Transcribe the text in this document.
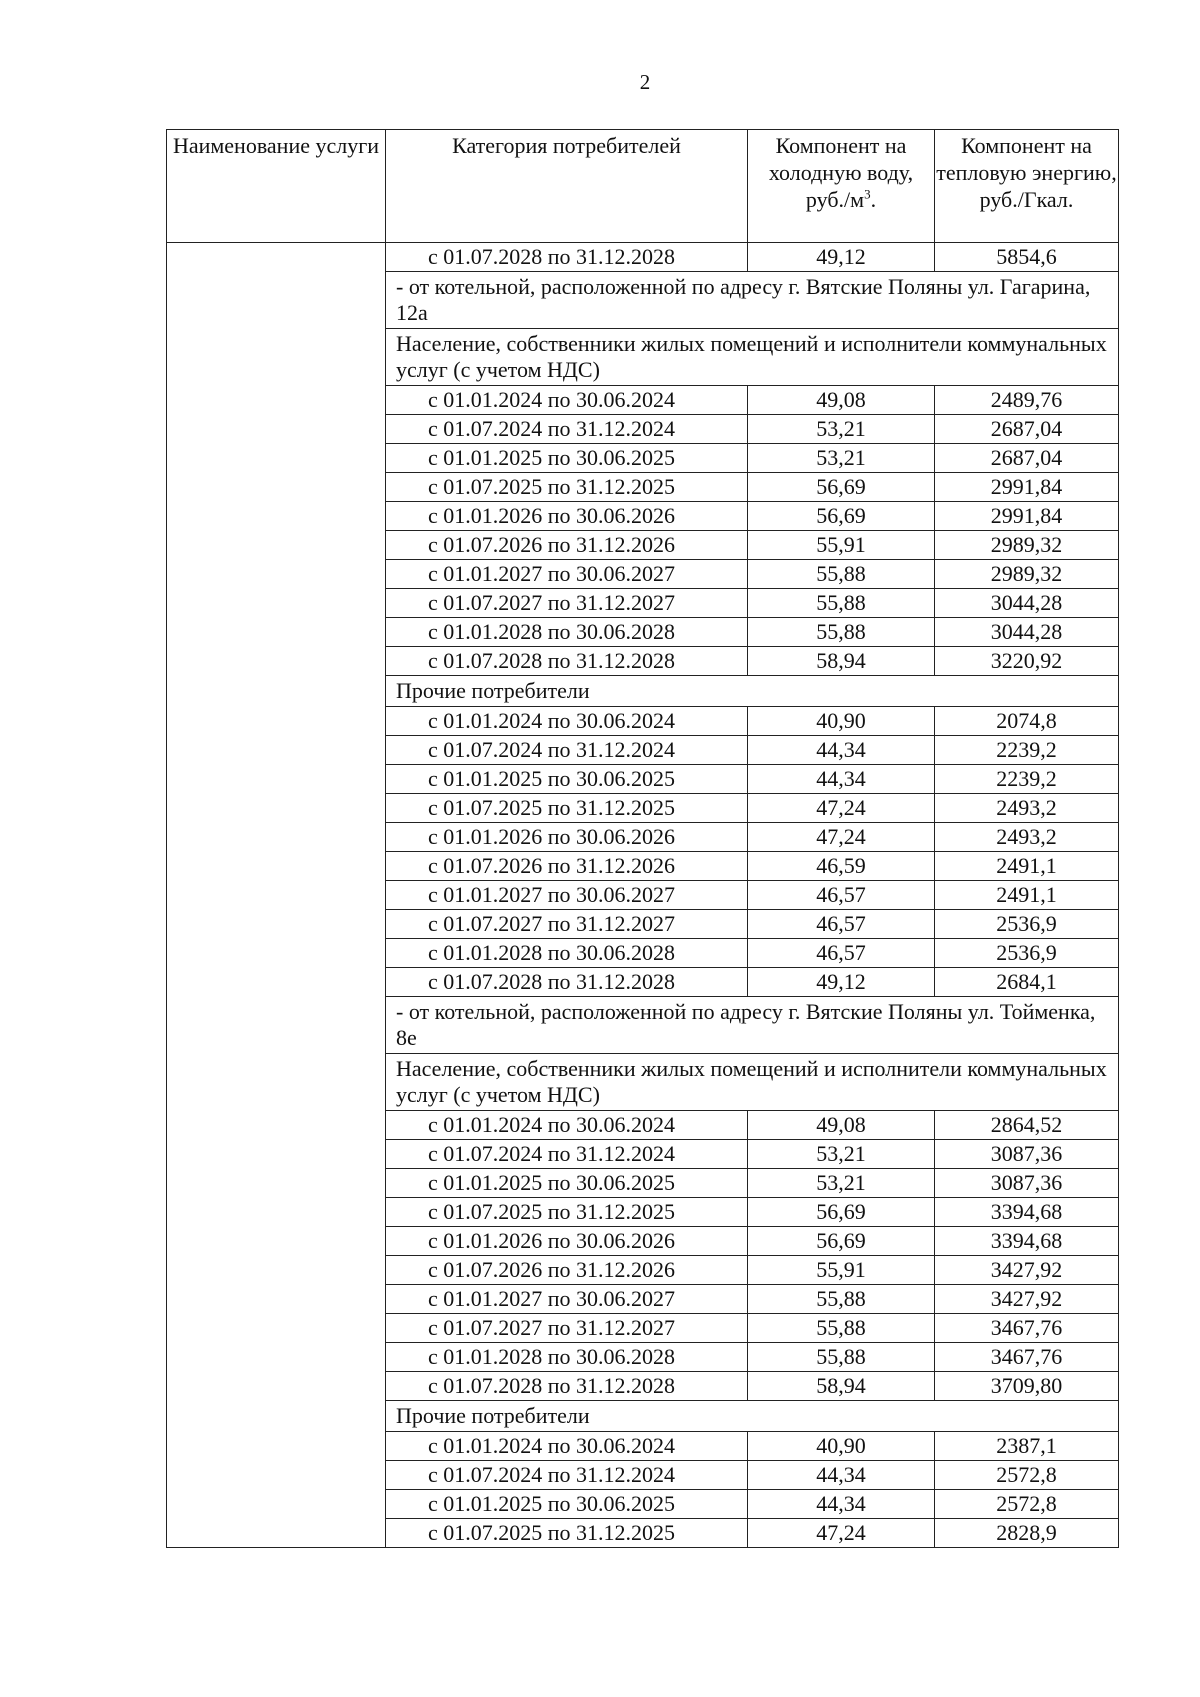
2
Наименование услуги	Категория потребителей	Компонент на холодную воду, $руб./м^3$.	Компонент на тепловую энергию, руб./Гкал.
	с 01.07.2028 по 31.12.2028	49,12	5854,6
	- от котельной, расположенной по адресу г. Вятские Поляны ул. Гагарина, 12а		
	Население, собственники жилых помещений и исполнители коммунальных услуг (с учетом НДС)		
	с 01.01.2024 по 30.06.2024	49,08	2489,76
	с 01.07.2024 по 31.12.2024	53,21	2687,04
	с 01.01.2025 по 30.06.2025	53,21	2687,04
	с 01.07.2025 по 31.12.2025	56,69	2991,84
	с 01.01.2026 по 30.06.2026	56,69	2991,84
	с 01.07.2026 по 31.12.2026	55,91	2989,32
	с 01.01.2027 по 30.06.2027	55,88	2989,32
	с 01.07.2027 по 31.12.2027	55,88	3044,28
	с 01.01.2028 по 30.06.2028	55,88	3044,28
	с 01.07.2028 по 31.12.2028	58,94	3220,92
	Прочие потребители		
	с 01.01.2024 по 30.06.2024	40,90	2074,8
	с 01.07.2024 по 31.12.2024	44,34	2239,2
	с 01.01.2025 по 30.06.2025	44,34	2239,2
	с 01.07.2025 по 31.12.2025	47,24	2493,2
	с 01.01.2026 по 30.06.2026	47,24	2493,2
	с 01.07.2026 по 31.12.2026	46,59	2491,1
	с 01.01.2027 по 30.06.2027	46,57	2491,1
	с 01.07.2027 по 31.12.2027	46,57	2536,9
	с 01.01.2028 по 30.06.2028	46,57	2536,9
	с 01.07.2028 по 31.12.2028	49,12	2684,1
	- от котельной, расположенной по адресу г. Вятские Поляны ул. Тойменка, 8е		
	Население, собственники жилых помещений и исполнители коммунальных услуг (с учетом НДС)		
	с 01.01.2024 по 30.06.2024	49,08	2864,52
	с 01.07.2024 по 31.12.2024	53,21	3087,36
	с 01.01.2025 по 30.06.2025	53,21	3087,36
	с 01.07.2025 по 31.12.2025	56,69	3394,68
	с 01.01.2026 по 30.06.2026	56,69	3394,68
	с 01.07.2026 по 31.12.2026	55,91	3427,92
	с 01.01.2027 по 30.06.2027	55,88	3427,92
	с 01.07.2027 по 31.12.2027	55,88	3467,76
	с 01.01.2028 по 30.06.2028	55,88	3467,76
	с 01.07.2028 по 31.12.2028	58,94	3709,80
	Прочие потребители		
	с 01.01.2024 по 30.06.2024	40,90	2387,1
	с 01.07.2024 по 31.12.2024	44,34	2572,8
	с 01.01.2025 по 30.06.2025	44,34	2572,8
	с 01.07.2025 по 31.12.2025	47,24	2828,9
